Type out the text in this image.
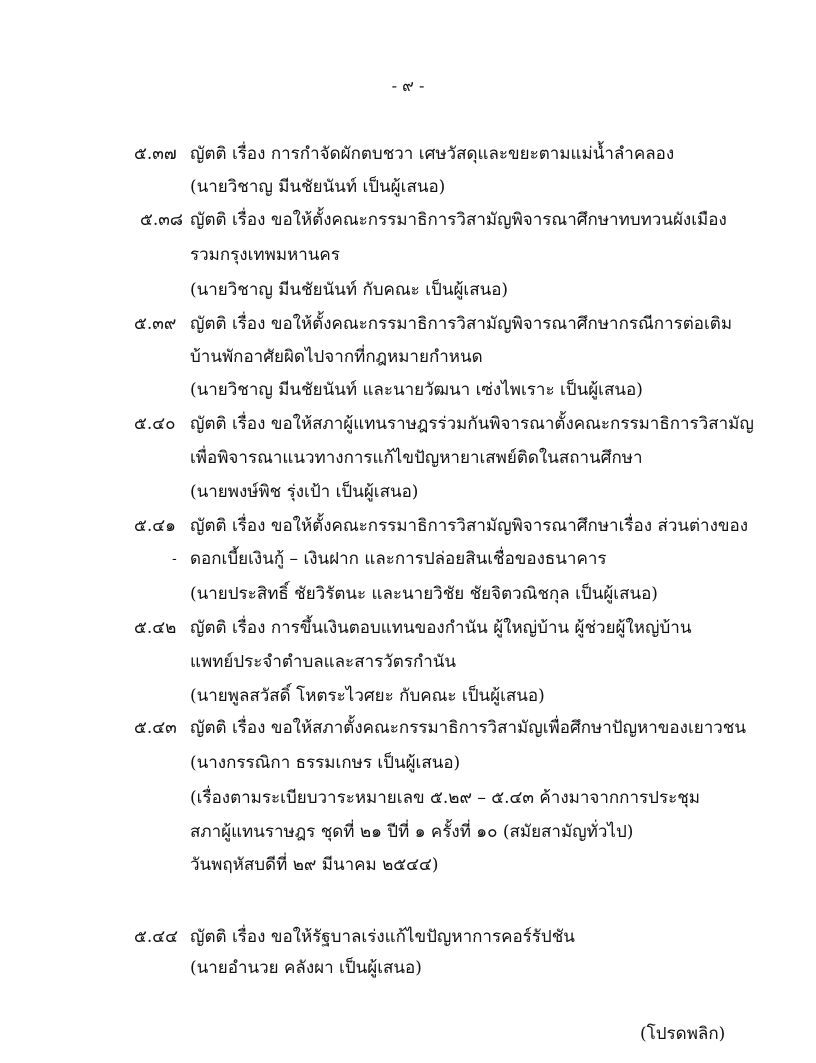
- ๙ -
๕.๓๗ ญัตติ เรื่อง การกำจัดผักตบชวา เศษวัสดุและขยะตามแม่น้ำลำคลอง
(นายวิชาญ มีนชัยนันท์ เป็นผู้เสนอ)
๕.๓๘ ญัตติ เรื่อง ขอให้ตั้งคณะกรรมาธิการวิสามัญพิจารณาศึกษาทบทวนผังเมือง
รวมกรุงเทพมหานคร
(นายวิชาญ มีนชัยนันท์ กับคณะ เป็นผู้เสนอ)
๕.๓๙ ญัตติ เรื่อง ขอให้ตั้งคณะกรรมาธิการวิสามัญพิจารณาศึกษากรณีการต่อเติม
บ้านพักอาศัยผิดไปจากที่กฎหมายกำหนด
(นายวิชาญ มีนชัยนันท์ และนายวัฒนา เซ่งไพเราะ เป็นผู้เสนอ)
๕.๔๐ ญัตติ เรื่อง ขอให้สภาผู้แทนราษฎรร่วมกันพิจารณาตั้งคณะกรรมาธิการวิสามัญ
เพื่อพิจารณาแนวทางการแก้ไขปัญหายาเสพย์ติดในสถานศึกษา
(นายพงษ์พิช รุ่งเป้า เป็นผู้เสนอ)
๕.๔๑ ญัตติ เรื่อง ขอให้ตั้งคณะกรรมาธิการวิสามัญพิจารณาศึกษาเรื่อง ส่วนต่างของ
- ดอกเบี้ยเงินกู้ – เงินฝาก และการปล่อยสินเชื่อของธนาคาร
(นายประสิทธิ์ ชัยวิรัตนะ และนายวิชัย ชัยจิตวณิชกุล เป็นผู้เสนอ)
๕.๔๒ ญัตติ เรื่อง การขึ้นเงินตอบแทนของกำนัน ผู้ใหญ่บ้าน ผู้ช่วยผู้ใหญ่บ้าน
แพทย์ประจำตำบลและสารวัตรกำนัน
(นายพูลสวัสดิ์ โหตระไวศยะ กับคณะ เป็นผู้เสนอ)
๕.๔๓ ญัตติ เรื่อง ขอให้สภาตั้งคณะกรรมาธิการวิสามัญเพื่อศึกษาปัญหาของเยาวชน
(นางกรรณิกา ธรรมเกษร เป็นผู้เสนอ)
(เรื่องตามระเบียบวาระหมายเลข ๕.๒๙ – ๕.๔๓ ค้างมาจากการประชุม
สภาผู้แทนราษฎร ชุดที่ ๒๑ ปีที่ ๑ ครั้งที่ ๑๐ (สมัยสามัญทั่วไป)
วันพฤหัสบดีที่ ๒๙ มีนาคม ๒๕๔๔)
๕.๔๔ ญัตติ เรื่อง ขอให้รัฐบาลเร่งแก้ไขปัญหาการคอร์รัปชัน
(นายอำนวย คลังผา เป็นผู้เสนอ)
(โปรดพลิก)
